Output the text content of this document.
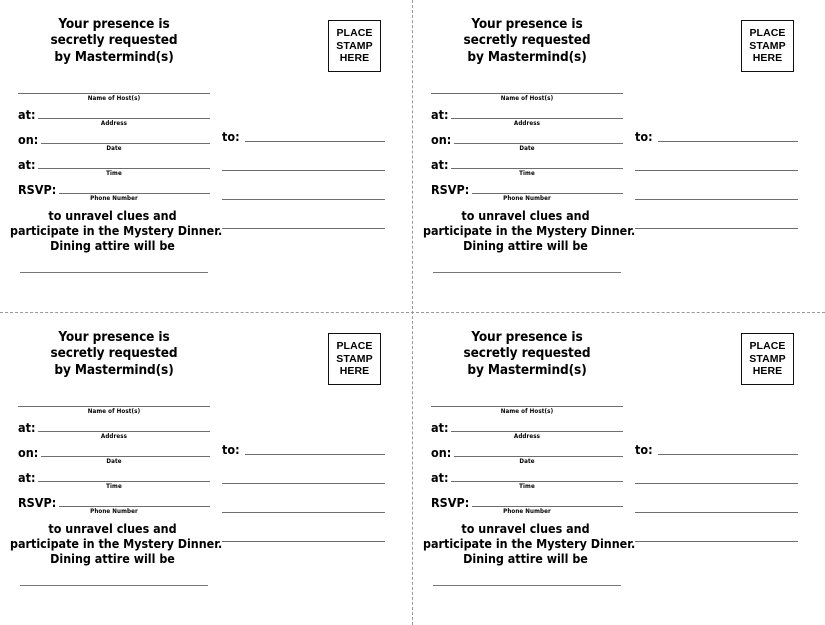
Your presence is
secretly requested
by Mastermind(s)
PLACE
STAMP
HERE
Name of Host(s)
at:
Address
on:
Date
at:
Time
RSVP:
Phone Number
to unravel clues and
participate in the Mystery Dinner.
Dining attire will be
to:
Your presence is
secretly requested
by Mastermind(s)
PLACE
STAMP
HERE
Name of Host(s)
at:
Address
on:
Date
at:
Time
RSVP:
Phone Number
to unravel clues and
participate in the Mystery Dinner.
Dining attire will be
to:
Your presence is
secretly requested
by Mastermind(s)
PLACE
STAMP
HERE
Name of Host(s)
at:
Address
on:
Date
at:
Time
RSVP:
Phone Number
to unravel clues and
participate in the Mystery Dinner.
Dining attire will be
to:
Your presence is
secretly requested
by Mastermind(s)
PLACE
STAMP
HERE
Name of Host(s)
at:
Address
on:
Date
at:
Time
RSVP:
Phone Number
to unravel clues and
participate in the Mystery Dinner.
Dining attire will be
to:
